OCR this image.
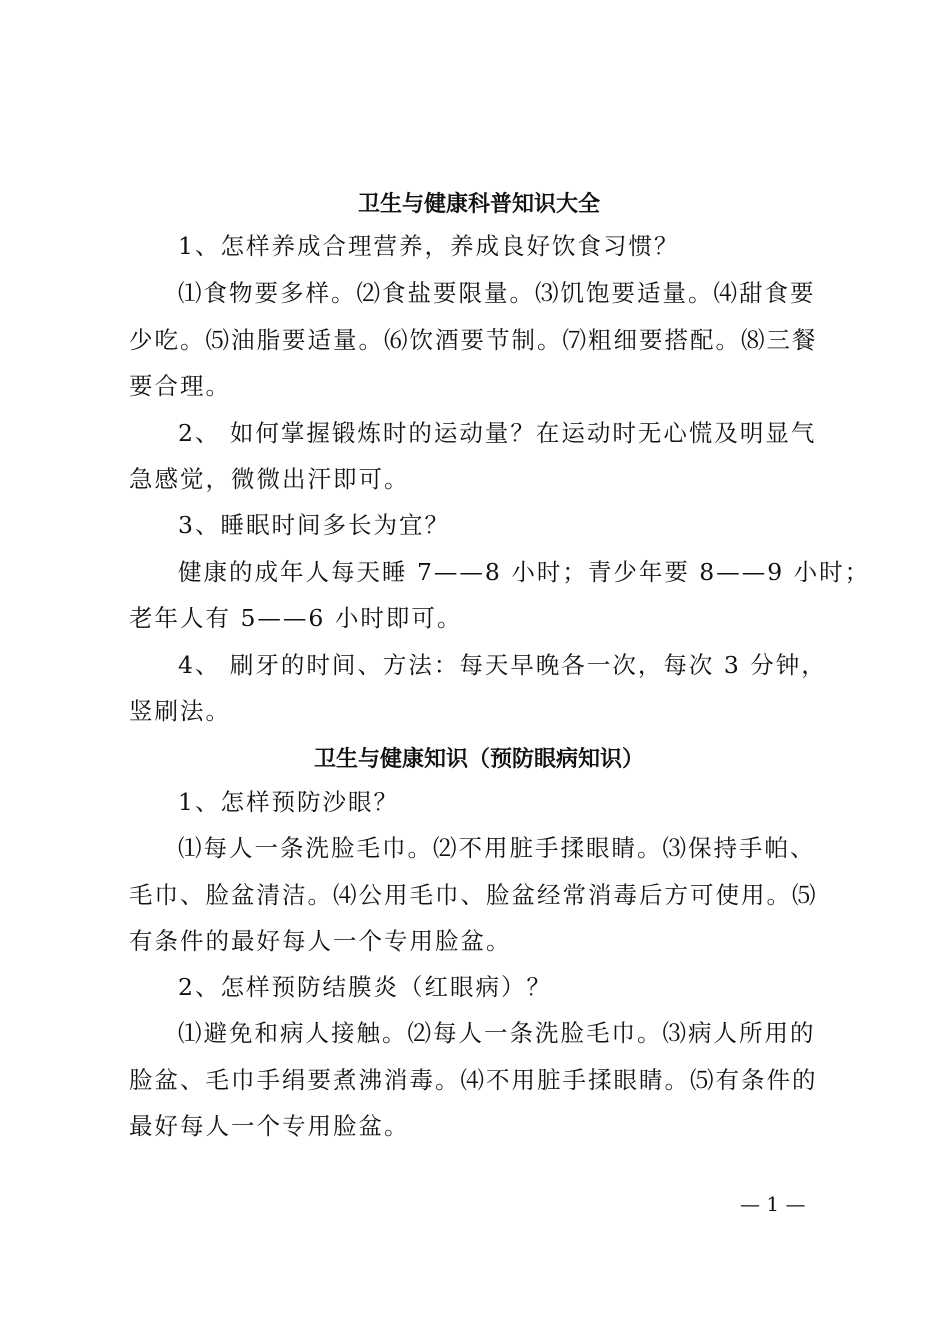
卫生与健康科普知识大全
1、怎样养成合理营养，养成良好饮食习惯？
⑴食物要多样。⑵食盐要限量。⑶饥饱要适量。⑷甜食要
少吃。⑸油脂要适量。⑹饮酒要节制。⑺粗细要搭配。⑻三餐
要合理。
2、 如何掌握锻炼时的运动量？在运动时无心慌及明显气
急感觉，微微出汗即可。
3、睡眠时间多长为宜？
健康的成年人每天睡 7——8 小时；青少年要 8——9 小时；
老年人有 5——6 小时即可。
4、 刷牙的时间、方法：每天早晚各一次，每次 3 分钟，
竖刷法。
卫生与健康知识（预防眼病知识）
1、怎样预防沙眼？
⑴每人一条洗脸毛巾。⑵不用脏手揉眼睛。⑶保持手帕、
毛巾、脸盆清洁。⑷公用毛巾、脸盆经常消毒后方可使用。⑸
有条件的最好每人一个专用脸盆。
2、怎样预防结膜炎（红眼病）？
⑴避免和病人接触。⑵每人一条洗脸毛巾。⑶病人所用的
脸盆、毛巾手绢要煮沸消毒。⑷不用脏手揉眼睛。⑸有条件的
最好每人一个专用脸盆。
— 1 —
